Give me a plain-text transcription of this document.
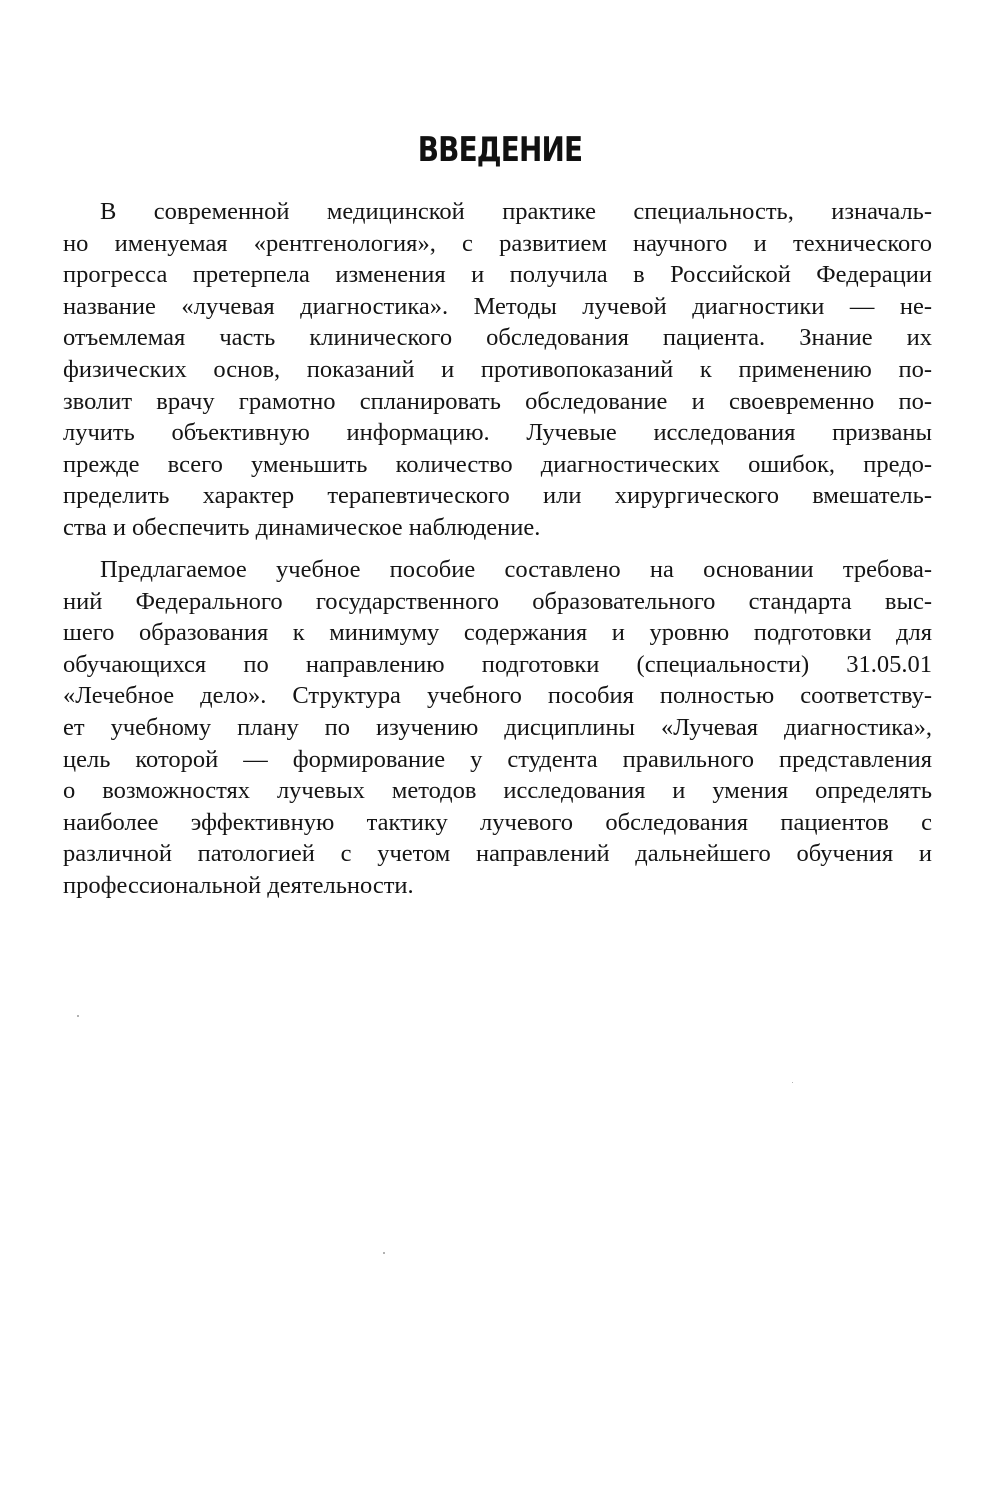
ВВЕДЕНИЕ
В современной медицинской практике специальность, изначаль-
но именуемая «рентгенология», с развитием научного и технического
прогресса претерпела изменения и получила в Российской Федерации
название «лучевая диагностика». Методы лучевой диагностики — не-
отъемлемая часть клинического обследования пациента. Знание их
физических основ, показаний и противопоказаний к применению по-
зволит врачу грамотно спланировать обследование и своевременно по-
лучить объективную информацию. Лучевые исследования призваны
прежде всего уменьшить количество диагностических ошибок, предо-
пределить характер терапевтического или хирургического вмешатель-
ства и обеспечить динамическое наблюдение.
Предлагаемое учебное пособие составлено на основании требова-
ний Федерального государственного образовательного стандарта выс-
шего образования к минимуму содержания и уровню подготовки для
обучающихся по направлению подготовки (специальности) 31.05.01
«Лечебное дело». Структура учебного пособия полностью соответству-
ет учебному плану по изучению дисциплины «Лучевая диагностика»,
цель которой — формирование у студента правильного представления
о возможностях лучевых методов исследования и умения определять
наиболее эффективную тактику лучевого обследования пациентов с
различной патологией с учетом направлений дальнейшего обучения и
профессиональной деятельности.
